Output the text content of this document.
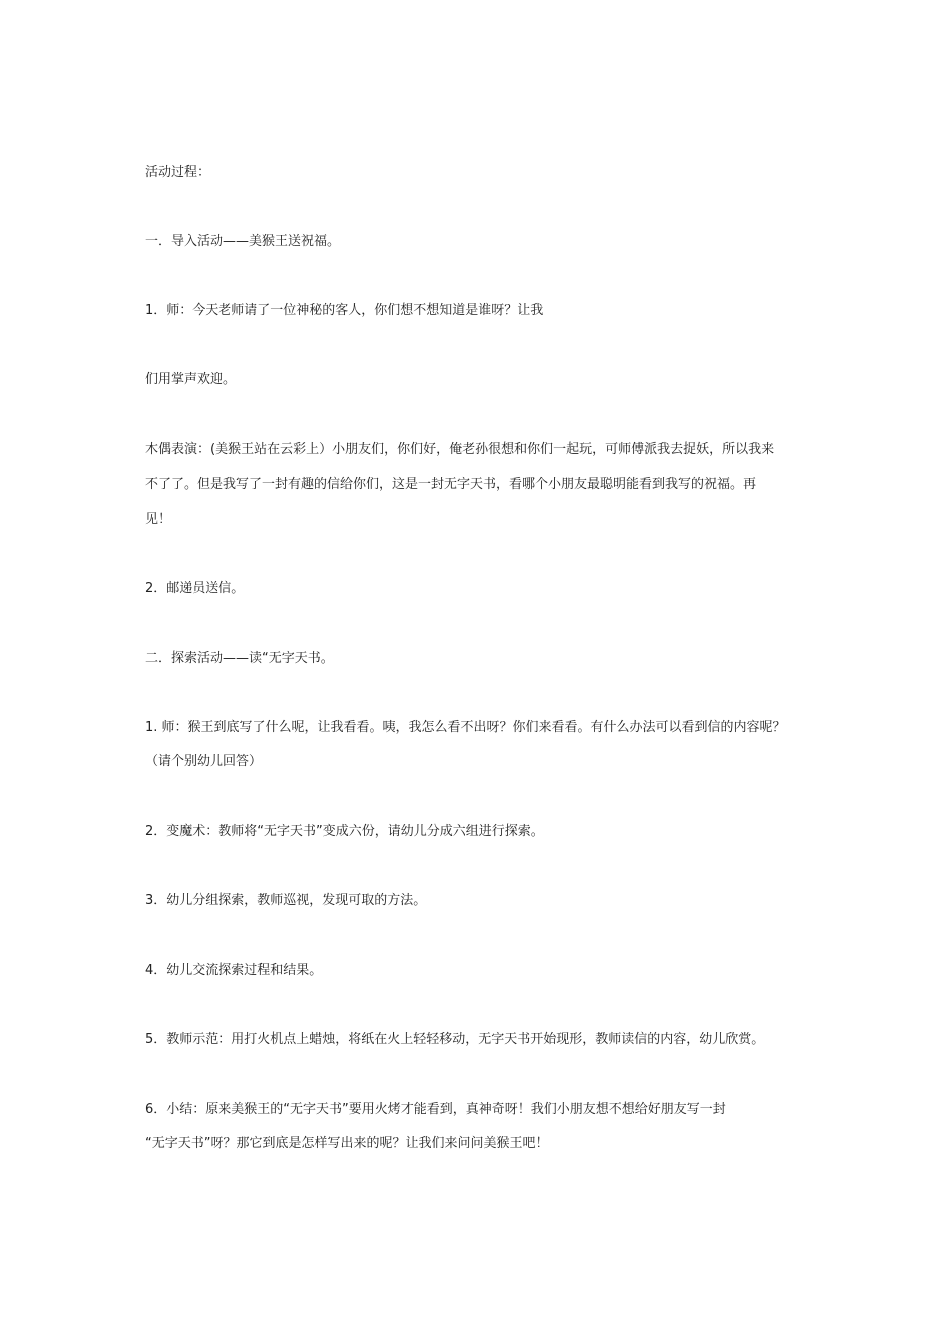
活动过程：
一．导入活动——美猴王送祝福。
1．师：今天老师请了一位神秘的客人，你们想不想知道是谁呀？让我
们用掌声欢迎。
木偶表演：(美猴王站在云彩上）小朋友们，你们好，俺老孙很想和你们一起玩，可师傅派我去捉妖，所以我来
不了了。但是我写了一封有趣的信给你们，这是一封无字天书，看哪个小朋友最聪明能看到我写的祝福。再
见！
2．邮递员送信。
二．探索活动——读“无字天书。
1. 师：猴王到底写了什么呢，让我看看。咦，我怎么看不出呀？你们来看看。有什么办法可以看到信的内容呢？
（请个别幼儿回答）
2．变魔术：教师将“无字天书”变成六份，请幼儿分成六组进行探索。
3．幼儿分组探索，教师巡视，发现可取的方法。
4．幼儿交流探索过程和结果。
5．教师示范：用打火机点上蜡烛，将纸在火上轻轻移动，无字天书开始现形，教师读信的内容，幼儿欣赏。
6．小结：原来美猴王的“无字天书”要用火烤才能看到，真神奇呀！我们小朋友想不想给好朋友写一封
“无字天书”呀？那它到底是怎样写出来的呢？让我们来问问美猴王吧！
